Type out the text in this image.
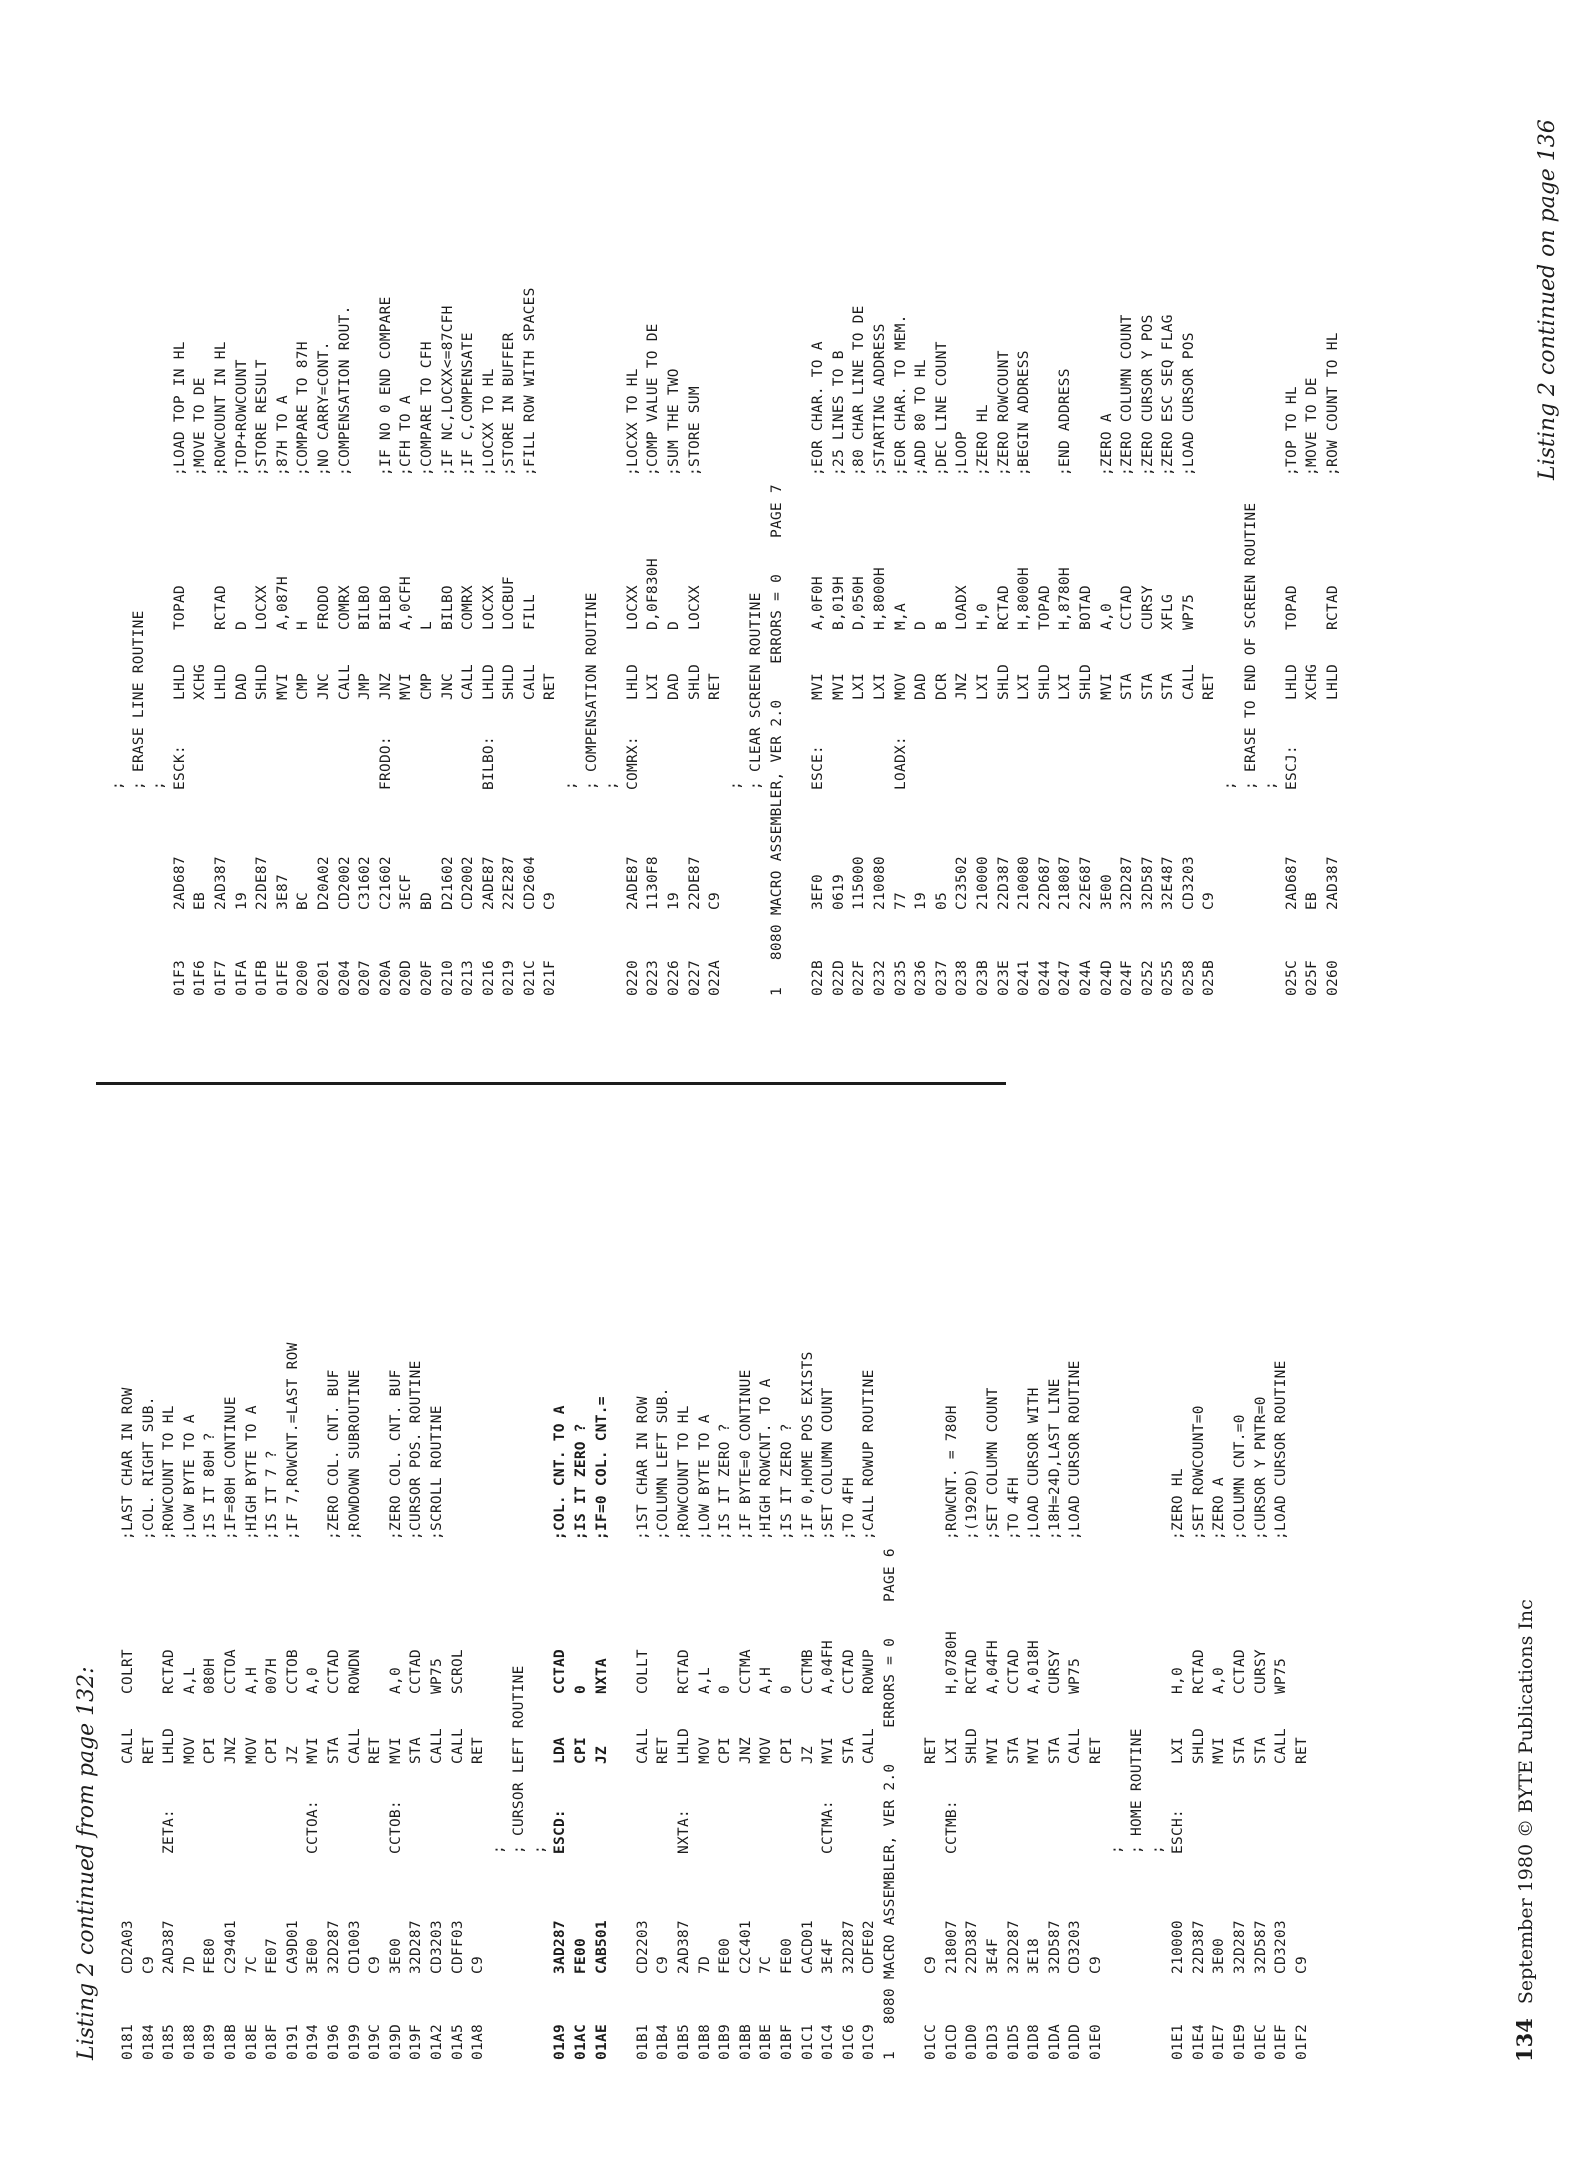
Listing 2 continued from page 132: 0181
CD2A03
CALL
COLRT
;LAST CHAR IN ROW
0184
C9
RET
;COL. RIGHT SUB.
0185
2AD387
ZETA:
LHLD
RCTAD
;ROWCOUNT TO HL
0188
7D
MOV
A,L
;LOW BYTE TO A
0189
FE80
CPI
080H
;IS IT 80H ?
018B
C29401
JNZ
CCTOA
;IF=80H CONTINUE
018E
7C
MOV
A,H
;HIGH BYTE TO A
018F
FE07
CPI
007H
;IS IT 7 ?
0191
CA9D01
JZ
CCTOB
;IF 7,ROWCNT.=LAST ROW
0194
3E00
CCTOA:
MVI
A,0
0196
32D287
STA
CCTAD
;ZERO COL. CNT. BUF
0199
CD1003
CALL
ROWDN
;ROWDOWN SUBROUTINE
019C
C9
RET
019D
3E00
CCTOB:
MVI
A,0
;ZERO COL. CNT. BUF
019F
32D287
STA
CCTAD
;CURSOR POS. ROUTINE
01A2
CD3203
CALL
WP75
;SCROLL ROUTINE
01A5
CDFF03
CALL
SCROL
01A8
C9
RET
; ; CURSOR LEFT ROUTINE ;
01A9
3AD287
ESCD:
LDA
CCTAD
;COL. CNT. TO A
01AC
FE00
CPI
0
;IS IT ZERO ?
01AE
CAB501
JZ
NXTA
;IF=0 COL. CNT.=
01B1
CD2203
CALL
COLLT
;1ST CHAR IN ROW
01B4
C9
RET
;COLUMN LEFT SUB.
01B5
2AD387
NXTA:
LHLD
RCTAD
;ROWCOUNT TO HL
01B8
7D
MOV
A,L
;LOW BYTE TO A
01B9
FE00
CPI
0
;IS IT ZERO ?
01BB
C2C401
JNZ
CCTMA
;IF BYTE=0 CONTINUE
01BE
7C
MOV
A,H
;HIGH ROWCNT. TO A
01BF
FE00
CPI
0
;IS IT ZERO ?
01C1
CACD01
JZ
CCTMB
;IF 0,HOME POS EXISTS
01C4
3E4F
CCTMA:
MVI
A,04FH
;SET COLUMN COUNT
01C6
32D287
STA
CCTAD
;TO 4FH
01C9
CDFE02
CALL
ROWUP
;CALL ROWUP ROUTINE
1   8080 MACRO ASSEMBLER, VER 2.0    ERRORS = 0    PAGE 6 01CC
C9
RET
01CD
218007
CCTMB:
LXI
H,0780H
;ROWCNT. = 780H
01D0
22D387
SHLD
RCTAD
;(1920D)
01D3
3E4F
MVI
A,04FH
;SET COLUMN COUNT
01D5
32D287
STA
CCTAD
;TO 4FH
01D8
3E18
MVI
A,018H
;LOAD CURSOR WITH
01DA
32D587
STA
CURSY
;18H=24D,LAST LINE
01DD
CD3203
CALL
WP75
;LOAD CURSOR ROUTINE
01E0
C9
RET
; ; HOME ROUTINE ;
01E1
210000
ESCH:
LXI
H,0
;ZERO HL
01E4
22D387
SHLD
RCTAD
;SET ROWCOUNT=0
01E7
3E00
MVI
A,0
;ZERO A
01E9
32D287
STA
CCTAD
;COLUMN CNT.=0
01EC
32D587
STA
CURSY
;CURSOR Y PNTR=0
01EF
CD3203
CALL
WP75
;LOAD CURSOR ROUTINE
01F2
C9
RET
134September 1980 © BYTE Publications Inc
; ; ERASE LINE ROUTINE ;
01F3
2AD687
ESCK:
LHLD
TOPAD
;LOAD TOP IN HL
01F6
EB
XCHG
;MOVE TO DE
01F7
2AD387
LHLD
RCTAD
;ROWCOUNT IN HL
01FA
19
DAD
D
;TOP+ROWCOUNT
01FB
22DE87
SHLD
LOCXX
;STORE RESULT
01FE
3E87
MVI
A,087H
;87H TO A
0200
BC
CMP
H
;COMPARE TO 87H
0201
D20A02
JNC
FRODO
;NO CARRY=CONT.
0204
CD2002
CALL
COMRX
;COMPENSATION ROUT.
0207
C31602
JMP
BILBO
020A
C21602
FRODO:
JNZ
BILBO
;IF NO 0 END COMPARE
020D
3ECF
MVI
A,0CFH
;CFH TO A
020F
BD
CMP
L
;COMPARE TO CFH
0210
D21602
JNC
BILBO
;IF NC,LOCXX<=87CFH
0213
CD2002
CALL
COMRX
;IF C,COMPENSATE
0216
2ADE87
BILBO:
LHLD
LOCXX
;LOCXX TO HL
0219
22E287
SHLD
LOCBUF
;STORE IN BUFFER
021C
CD2604
CALL
FILL
;FILL ROW WITH SPACES
021F
C9
RET
; ; COMPENSATION ROUTINE ;
0220
2ADE87
COMRX:
LHLD
LOCXX
;LOCXX TO HL
0223
1130F8
LXI
D,0F830H
;COMP VALUE TO DE
0226
19
DAD
D
;SUM THE TWO
0227
22DE87
SHLD
LOCXX
;STORE SUM
022A
C9
RET
; ; CLEAR SCREEN ROUTINE 1   8080 MACRO ASSEMBLER, VER 2.0    ERRORS = 0    PAGE 7 022B
3EF0
ESCE:
MVI
A,0F0H
;EOR CHAR. TO A
022D
0619
MVI
B,019H
;25 LINES TO B
022F
115000
LXI
D,050H
;80 CHAR LINE TO DE
0232
210080
LXI
H,8000H
;STARTING ADDRESS
0235
77
LOADX:
MOV
M,A
;EOR CHAR. TO MEM.
0236
19
DAD
D
;ADD 80 TO HL
0237
05
DCR
B
;DEC LINE COUNT
0238
C23502
JNZ
LOADX
;LOOP
023B
210000
LXI
H,0
;ZERO HL
023E
22D387
SHLD
RCTAD
;ZERO ROWCOUNT
0241
210080
LXI
H,8000H
;BEGIN ADDRESS
0244
22D687
SHLD
TOPAD
0247
218087
LXI
H,8780H
;END ADDRESS
024A
22E687
SHLD
BOTAD
024D
3E00
MVI
A,0
;ZERO A
024F
32D287
STA
CCTAD
;ZERO COLUMN COUNT
0252
32D587
STA
CURSY
;ZERO CURSOR Y POS
0255
32E487
STA
XFLG
;ZERO ESC SEQ FLAG
0258
CD3203
CALL
WP75
;LOAD CURSOR POS
025B
C9
RET
; ; ERASE TO END OF SCREEN ROUTINE ;
025C
2AD687
ESCJ:
LHLD
TOPAD
;TOP TO HL
025F
EB
XCHG
;MOVE TO DE
0260
2AD387
LHLD
RCTAD
;ROW COUNT TO HL	Listing 2 continued on page 136
